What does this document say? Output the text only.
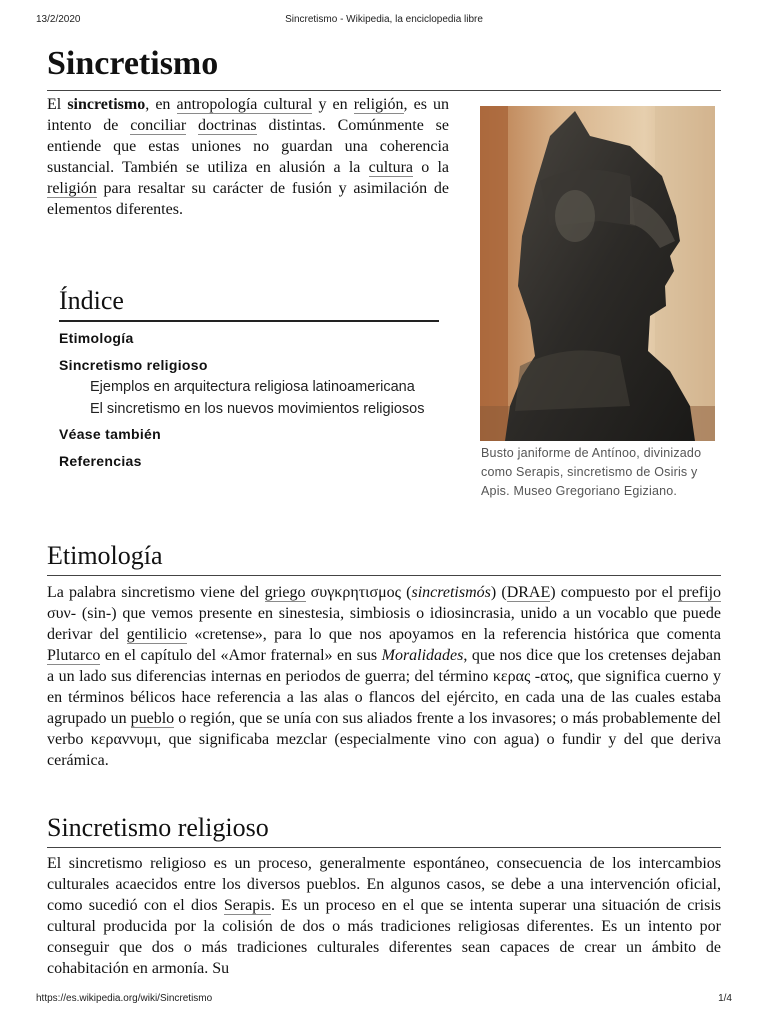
13/2/2020	Sincretismo - Wikipedia, la enciclopedia libre
Sincretismo

El sincretismo, en antropología cultural y en religión, es un intento de conciliar doctrinas distintas. Comúnmente se entiende que estas uniones no guardan una coherencia sustancial. También se utiliza en alusión a la cultura o la religión para resaltar su carácter de fusión y asimilación de elementos diferentes.

Busto janiforme de Antínoo, divinizado como Serapis, sincretismo de Osiris y Apis. Museo Gregoriano Egiziano.
Índice
Etimología
Sincretismo religioso
Ejemplos en arquitectura religiosa latinoamericana
El sincretismo en los nuevos movimientos religiosos
Véase también
Referencias
Etimología

La palabra sincretismo viene del griego συγκρητισμος (sincretismós) (DRAE) compuesto por el prefijo συν- (sin-) que vemos presente en sinestesia, simbiosis o idiosincrasia, unido a un vocablo que puede derivar del gentilicio «cretense», para lo que nos apoyamos en la referencia histórica que comenta Plutarco en el capítulo del «Amor fraternal» en sus Moralidades, que nos dice que los cretenses dejaban a un lado sus diferencias internas en periodos de guerra; del término κερας -ατος, que significa cuerno y en términos bélicos hace referencia a las alas o flancos del ejército, en cada una de las cuales estaba agrupado un pueblo o región, que se unía con sus aliados frente a los invasores; o más probablemente del verbo κεραννυμι, que significaba mezclar (especialmente vino con agua) o fundir y del que deriva cerámica.

Sincretismo religioso

El sincretismo religioso es un proceso, generalmente espontáneo, consecuencia de los intercambios culturales acaecidos entre los diversos pueblos. En algunos casos, se debe a una intervención oficial, como sucedió con el dios Serapis. Es un proceso en el que se intenta superar una situación de crisis cultural producida por la colisión de dos o más tradiciones religiosas diferentes. Es un intento por conseguir que dos o más tradiciones culturales diferentes sean capaces de crear un ámbito de cohabitación en armonía. Su

https://es.wikipedia.org/wiki/Sincretismo	1/4
